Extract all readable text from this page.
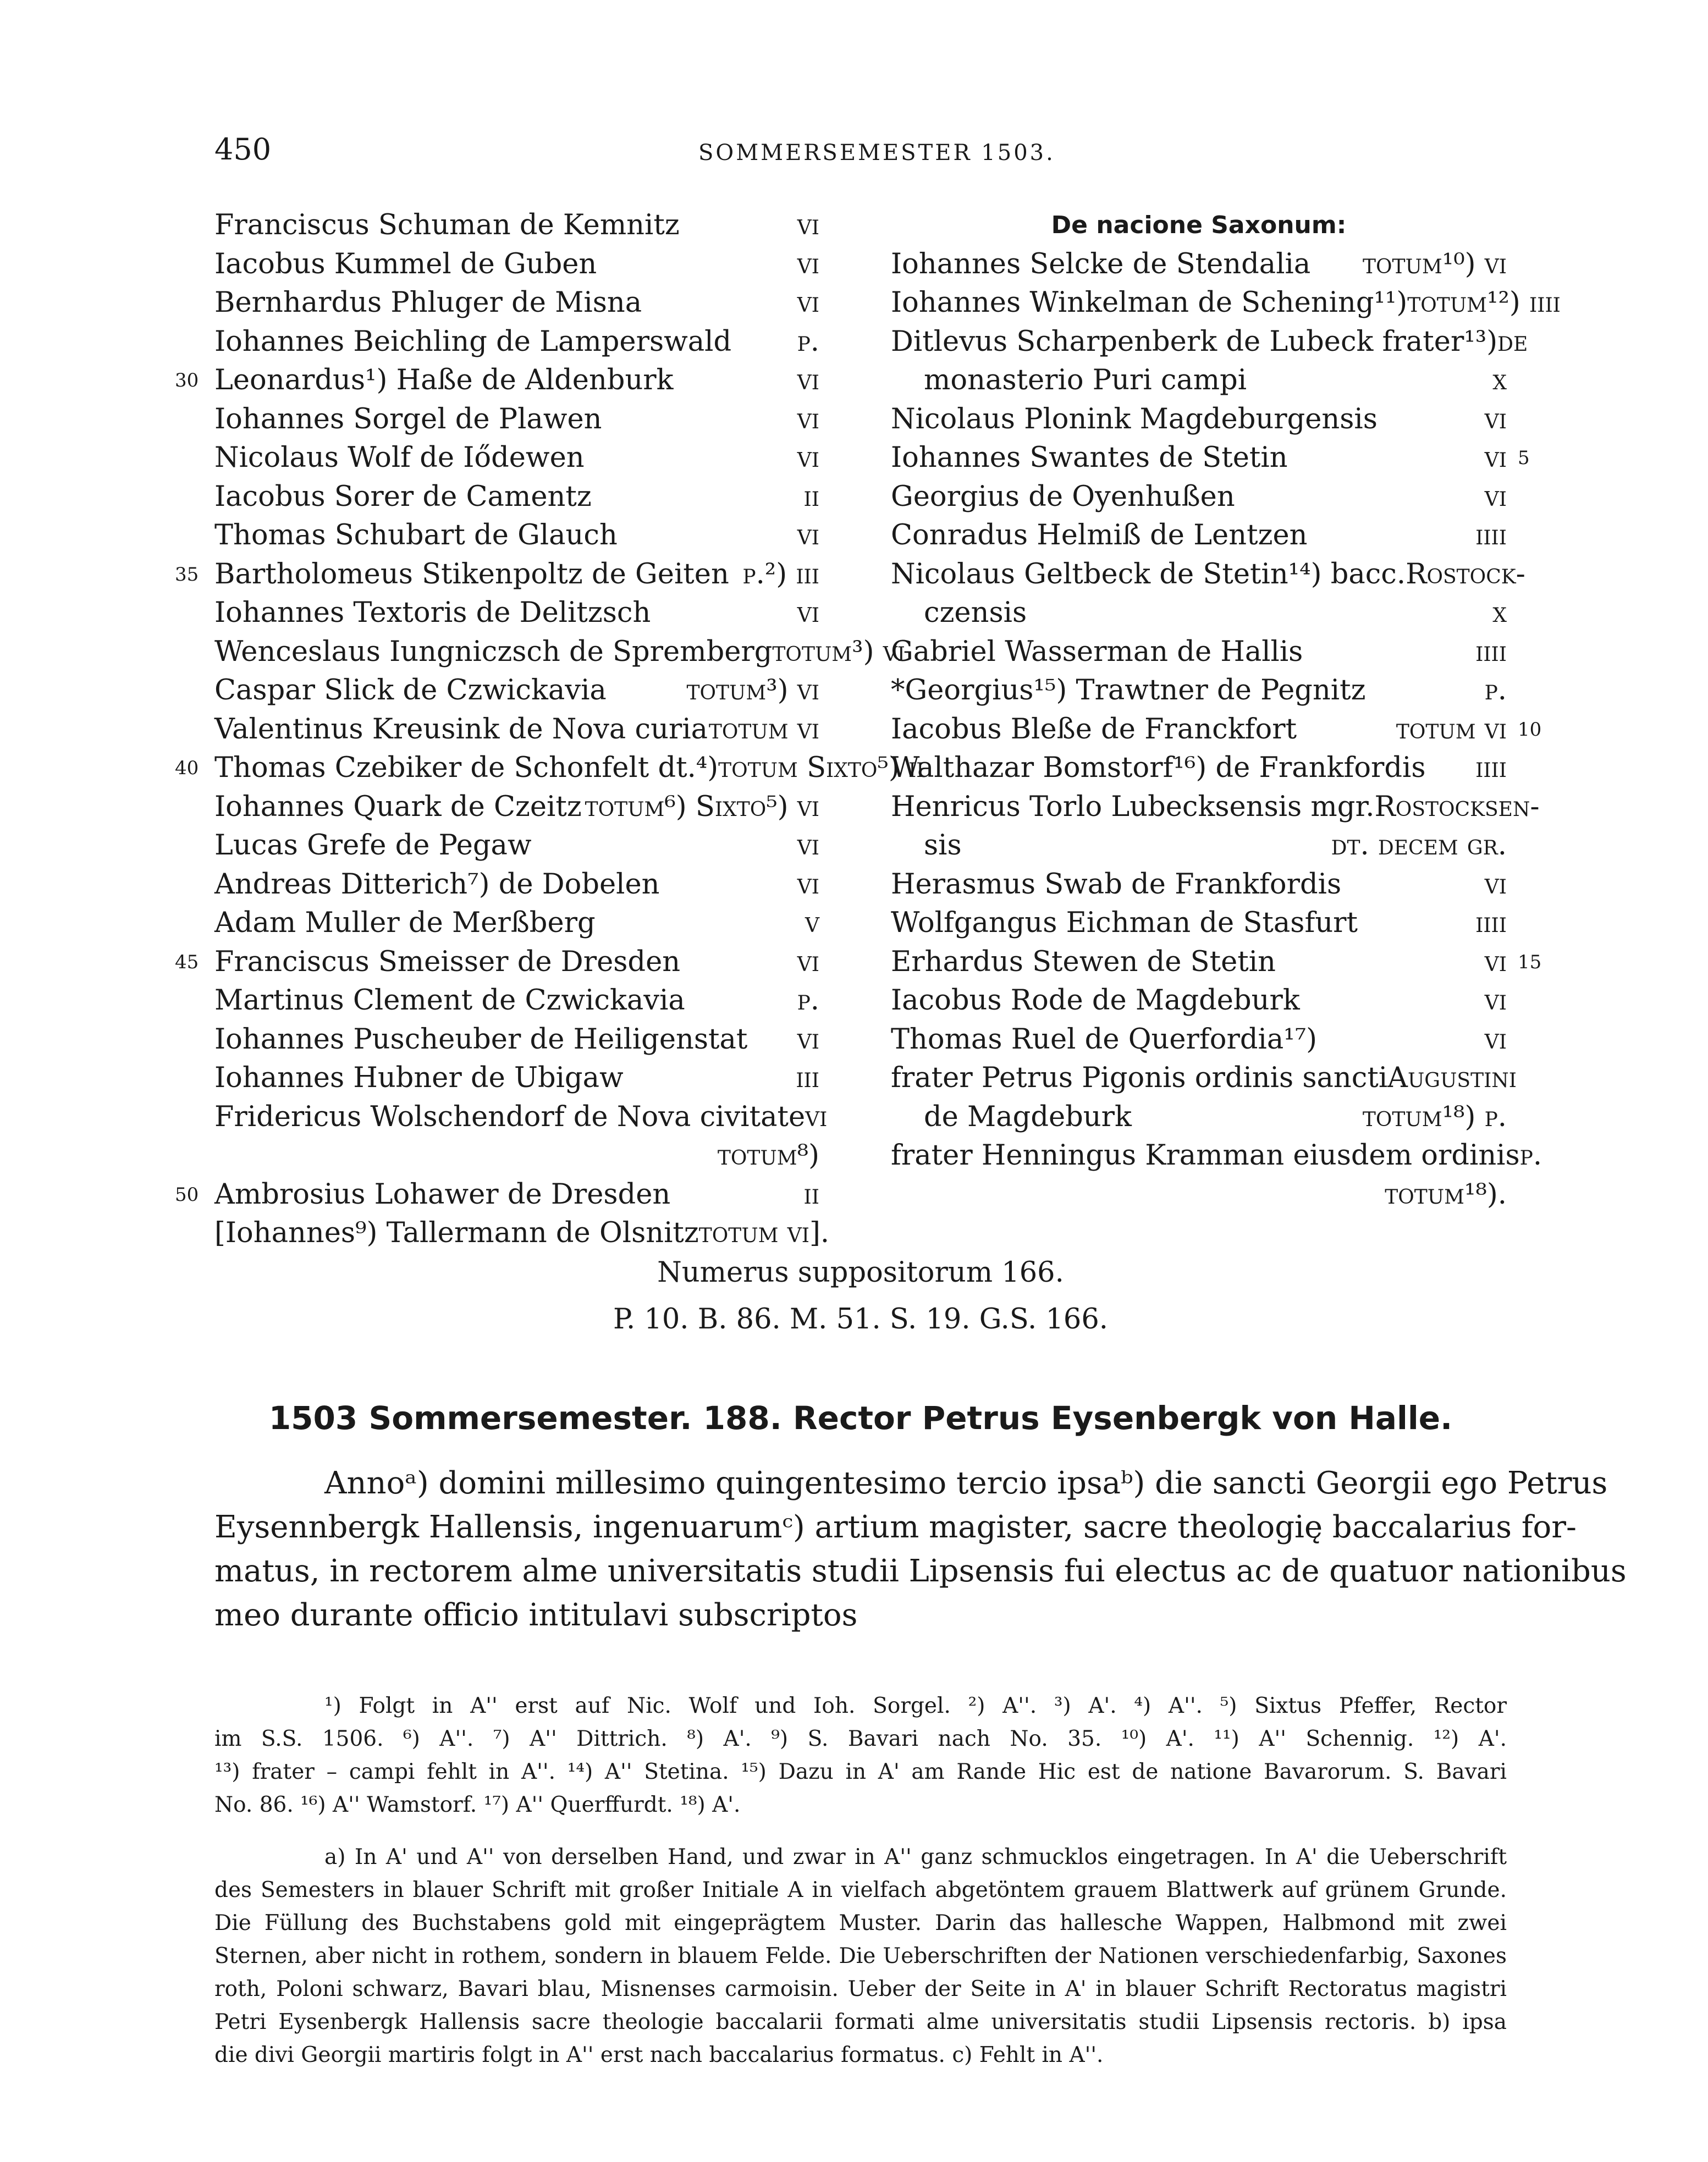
450	SOMMERSEMESTER 1503.
Franciscus Schuman de Kemnitz	vi
Iacobus Kummel de Guben	vi
Bernhardus Phluger de Misna	vi
Iohannes Beichling de Lamperswald p.
Leonardus¹) Haße de Aldenburk	vi
Iohannes Sorgel de Plawen	vi
Nicolaus Wolf de Iődewen	vi
Iacobus Sorer de Camentz	ii
Thomas Schubart de Glauch	vi
Bartholomeus Stikenpoltz de Geiten p.²) iii
Iohannes Textoris de Delitzsch	vi
Wenceslaus Iungniczsch de Spremberg totum³) vi
Caspar Slick de Czwickavia	totum³) vi
Valentinus Kreusink de Nova curia totum vi
Thomas Czebiker de Schonfelt dt.⁴) totum Sixto⁵) ii
Iohannes Quark de Czeitz totum⁶) Sixto⁵) vi
Lucas Grefe de Pegaw	vi
Andreas Ditterich⁷) de Dobelen	vi
Adam Muller de Merßberg	v
Franciscus Smeisser de Dresden	vi
Martinus Clement de Czwickavia	p.
Iohannes Puscheuber de Heiligenstat vi
Iohannes Hubner de Ubigaw	iii
Fridericus Wolschendorf de Nova civitate vi
totum⁸)
Ambrosius Lohawer de Dresden	ii
[Iohannes⁹) Tallermann de Olsnitz totum vi].
30
35
40
45
50
De nacione Saxonum:
Iohannes Selcke de Stendalia totum¹⁰) vi
Iohannes Winkelman de Schening¹¹) totum¹²) iiii
Ditlevus Scharpenberk de Lubeck frater¹³) de
monasterio Puri campi	x
Nicolaus Plonink Magdeburgensis	vi
Iohannes Swantes de Stetin	vi
Georgius de Oyenhußen	vi
Conradus Helmiß de Lentzen	iiii
Nicolaus Geltbeck de Stetin¹⁴) bacc. Rostock-
czensis	x
Gabriel Wasserman de Hallis	iiii
*Georgius¹⁵) Trawtner de Pegnitz	p.
Iacobus Bleße de Franckfort	totum vi
Walthazar Bomstorf¹⁶) de Frankfordis iiii
Henricus Torlo Lubecksensis mgr. Rostocksen-
sis	dt. decem gr.
Herasmus Swab de Frankfordis	vi
Wolfgangus Eichman de Stasfurt	iiii
Erhardus Stewen de Stetin	vi
Iacobus Rode de Magdeburk	vi
Thomas Ruel de Querfordia¹⁷)	vi
frater Petrus Pigonis ordinis sancti Augustini
de Magdeburk	totum¹⁸) p.
frater Henningus Kramman eiusdem ordinis p.
totum¹⁸).
5
10
15
Numerus suppositorum 166.
P. 10. B. 86. M. 51. S. 19. G.S. 166.
1503 Sommersemester. 188. Rector Petrus Eysenbergk von Halle.
Annoᵃ) domini millesimo quingentesimo tercio ipsaᵇ) die sancti Georgii ego Petrus
Eysennbergk Hallensis, ingenuarumᶜ) artium magister, sacre theologię baccalarius for-
matus, in rectorem alme universitatis studii Lipsensis fui electus ac de quatuor nationibus
meo durante officio intitulavi subscriptos
¹) Folgt in A'' erst auf Nic. Wolf und Ioh. Sorgel. ²) A''. ³) A'. ⁴) A''. ⁵) Sixtus Pfeffer, Rector
im S.S. 1506. ⁶) A''. ⁷) A'' Dittrich. ⁸) A'. ⁹) S. Bavari nach No. 35. ¹⁰) A'. ¹¹) A'' Schennig. ¹²) A'.
¹³) frater – campi fehlt in A''. ¹⁴) A'' Stetina. ¹⁵) Dazu in A' am Rande Hic est de natione Bavarorum. S. Bavari
No. 86. ¹⁶) A'' Wamstorf. ¹⁷) A'' Querffurdt. ¹⁸) A'.
a) In A' und A'' von derselben Hand, und zwar in A'' ganz schmucklos eingetragen. In A' die Ueberschrift
des Semesters in blauer Schrift mit großer Initiale A in vielfach abgetöntem grauem Blattwerk auf grünem Grunde.
Die Füllung des Buchstabens gold mit eingeprägtem Muster. Darin das hallesche Wappen, Halbmond mit zwei
Sternen, aber nicht in rothem, sondern in blauem Felde. Die Ueberschriften der Nationen verschiedenfarbig, Saxones
roth, Poloni schwarz, Bavari blau, Misnenses carmoisin. Ueber der Seite in A' in blauer Schrift Rectoratus magistri
Petri Eysenbergk Hallensis sacre theologie baccalarii formati alme universitatis studii Lipsensis rectoris. b) ipsa
die divi Georgii martiris folgt in A'' erst nach baccalarius formatus. c) Fehlt in A''.
